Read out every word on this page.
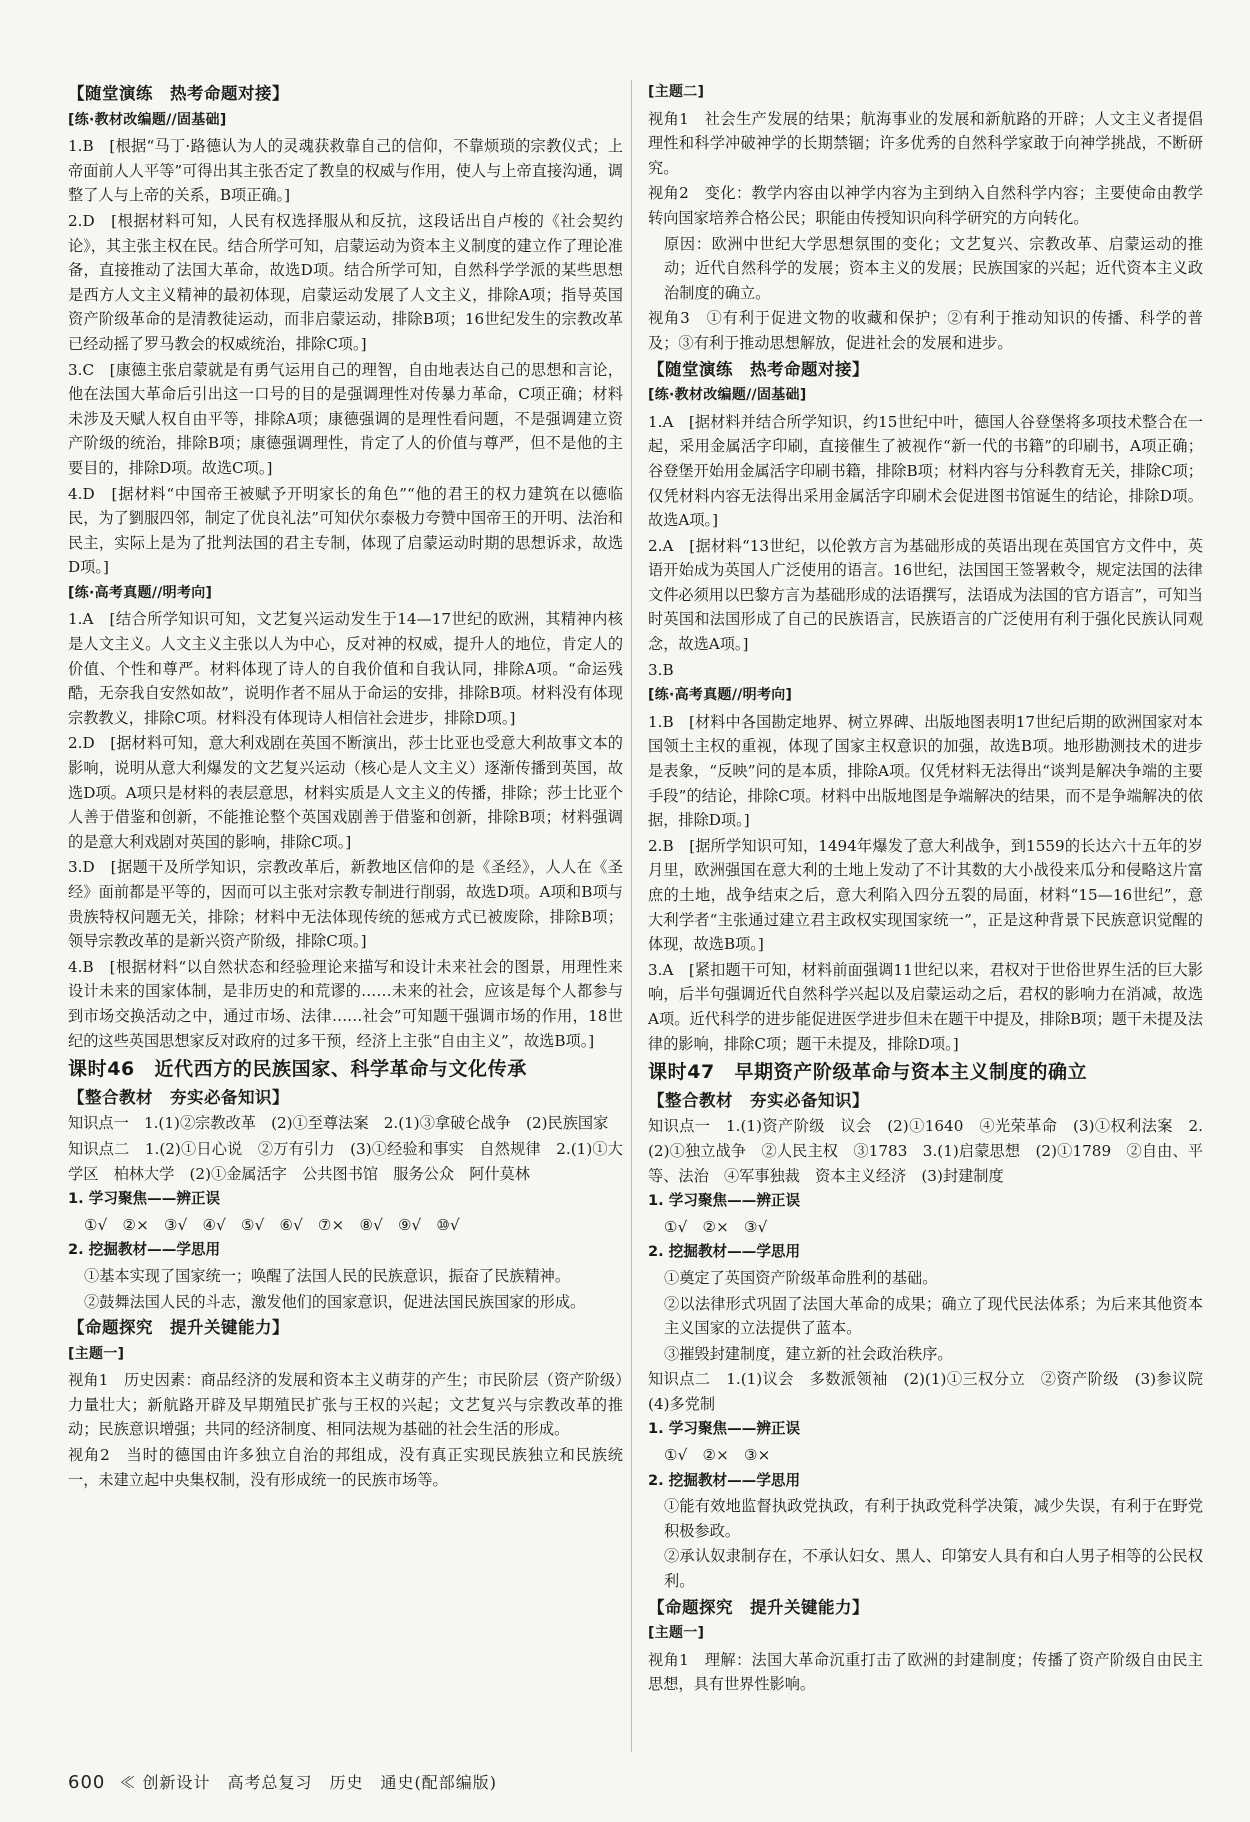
【随堂演练　热考命题对接】
[练·教材改编题//固基础]
1.B　[根据“马丁·路德认为人的灵魂获救靠自己的信仰，不靠烦琐的宗教仪式；上帝面前人人平等”可得出其主张否定了教皇的权威与作用，使人与上帝直接沟通，调整了人与上帝的关系，B项正确。]
2.D　[根据材料可知，人民有权选择服从和反抗，这段话出自卢梭的《社会契约论》，其主张主权在民。结合所学可知，启蒙运动为资本主义制度的建立作了理论准备，直接推动了法国大革命，故选D项。结合所学可知，自然科学学派的某些思想是西方人文主义精神的最初体现，启蒙运动发展了人文主义，排除A项；指导英国资产阶级革命的是清教徒运动，而非启蒙运动，排除B项；16世纪发生的宗教改革已经动摇了罗马教会的权威统治，排除C项。]
3.C　[康德主张启蒙就是有勇气运用自己的理智，自由地表达自己的思想和言论，他在法国大革命后引出这一口号的目的是强调理性对传暴力革命，C项正确；材料未涉及天赋人权自由平等，排除A项；康德强调的是理性看问题，不是强调建立资产阶级的统治，排除B项；康德强调理性，肯定了人的价值与尊严，但不是他的主要目的，排除D项。故选C项。]
4.D　[据材料“中国帝王被赋予开明家长的角色”“他的君王的权力建筑在以德临民，为了劉服四邻，制定了优良礼法”可知伏尔泰极力夸赞中国帝王的开明、法治和民主，实际上是为了批判法国的君主专制，体现了启蒙运动时期的思想诉求，故选D项。]
[练·高考真题//明考向]
1.A　[结合所学知识可知，文艺复兴运动发生于14—17世纪的欧洲，其精神内核是人文主义。人文主义主张以人为中心，反对神的权威，提升人的地位，肯定人的价值、个性和尊严。材料体现了诗人的自我价值和自我认同，排除A项。“命运残酷，无奈我自安然如故”，说明作者不屈从于命运的安排，排除B项。材料没有体现宗教教义，排除C项。材料没有体现诗人相信社会进步，排除D项。]
2.D　[据材料可知，意大利戏剧在英国不断演出，莎士比亚也受意大利故事文本的影响，说明从意大利爆发的文艺复兴运动（核心是人文主义）逐渐传播到英国，故选D项。A项只是材料的表层意思，材料实质是人文主义的传播，排除；莎士比亚个人善于借鉴和创新，不能推论整个英国戏剧善于借鉴和创新，排除B项；材料强调的是意大利戏剧对英国的影响，排除C项。]
3.D　[据题干及所学知识，宗教改革后，新教地区信仰的是《圣经》，人人在《圣经》面前都是平等的，因而可以主张对宗教专制进行削弱，故选D项。A项和B项与贵族特权问题无关，排除；材料中无法体现传统的惩戒方式已被废除，排除B项；领导宗教改革的是新兴资产阶级，排除C项。]
4.B　[根据材料“以自然状态和经验理论来描写和设计未来社会的图景，用理性来设计未来的国家体制，是非历史的和荒谬的……未来的社会，应该是每个人都参与到市场交换活动之中，通过市场、法律……社会”可知题干强调市场的作用，18世纪的这些英国思想家反对政府的过多干预，经济上主张“自由主义”，故选B项。]
课时46　近代西方的民族国家、科学革命与文化传承
【整合教材　夯实必备知识】
知识点一　1.(1)②宗教改革　(2)①至尊法案　2.(1)③拿破仑战争　(2)民族国家
知识点二　1.(2)①日心说　②万有引力　(3)①经验和事实　自然规律　2.(1)①大学区　柏林大学　(2)①金属活字　公共图书馆　服务公众　阿什莫林
1. 学习聚焦——辨正误
①√　②×　③√　④√　⑤√　⑥√　⑦×　⑧√　⑨√　⑩√
2. 挖掘教材——学思用
①基本实现了国家统一；唤醒了法国人民的民族意识，振奋了民族精神。
②鼓舞法国人民的斗志，激发他们的国家意识，促进法国民族国家的形成。
【命题探究　提升关键能力】
[主题一]
视角1　历史因素：商品经济的发展和资本主义萌芽的产生；市民阶层（资产阶级）力量壮大；新航路开辟及早期殖民扩张与王权的兴起；文艺复兴与宗教改革的推动；民族意识增强；共同的经济制度、相同法规为基础的社会生活的形成。
视角2　当时的德国由许多独立自治的邦组成，没有真正实现民族独立和民族统一，未建立起中央集权制，没有形成统一的民族市场等。
[主题二]
视角1　社会生产发展的结果；航海事业的发展和新航路的开辟；人文主义者提倡理性和科学冲破神学的长期禁锢；许多优秀的自然科学家敢于向神学挑战，不断研究。
视角2　变化：教学内容由以神学内容为主到纳入自然科学内容；主要使命由教学转向国家培养合格公民；职能由传授知识向科学研究的方向转化。
原因：欧洲中世纪大学思想氛围的变化；文艺复兴、宗教改革、启蒙运动的推动；近代自然科学的发展；资本主义的发展；民族国家的兴起；近代资本主义政治制度的确立。
视角3　①有利于促进文物的收藏和保护；②有利于推动知识的传播、科学的普及；③有利于推动思想解放，促进社会的发展和进步。
【随堂演练　热考命题对接】
[练·教材改编题//固基础]
1.A　[据材料并结合所学知识，约15世纪中叶，德国人谷登堡将多项技术整合在一起，采用金属活字印刷，直接催生了被视作“新一代的书籍”的印刷书，A项正确；谷登堡开始用金属活字印刷书籍，排除B项；材料内容与分科教育无关，排除C项；仅凭材料内容无法得出采用金属活字印刷术会促进图书馆诞生的结论，排除D项。故选A项。]
2.A　[据材料“13世纪，以伦敦方言为基础形成的英语出现在英国官方文件中，英语开始成为英国人广泛使用的语言。16世纪，法国国王签署敕令，规定法国的法律文件必须用以巴黎方言为基础形成的法语撰写，法语成为法国的官方语言”，可知当时英国和法国形成了自己的民族语言，民族语言的广泛使用有利于强化民族认同观念，故选A项。]
3.B
[练·高考真题//明考向]
1.B　[材料中各国勘定地界、树立界碑、出版地图表明17世纪后期的欧洲国家对本国领土主权的重视，体现了国家主权意识的加强，故选B项。地形勘测技术的进步是表象，“反映”问的是本质，排除A项。仅凭材料无法得出“谈判是解决争端的主要手段”的结论，排除C项。材料中出版地图是争端解决的结果，而不是争端解决的依据，排除D项。]
2.B　[据所学知识可知，1494年爆发了意大利战争，到1559的长达六十五年的岁月里，欧洲强国在意大利的土地上发动了不计其数的大小战役来瓜分和侵略这片富庶的土地，战争结束之后，意大利陷入四分五裂的局面，材料“15—16世纪”，意大利学者“主张通过建立君主政权实现国家统一”，正是这种背景下民族意识觉醒的体现，故选B项。]
3.A　[紧扣题干可知，材料前面强调11世纪以来，君权对于世俗世界生活的巨大影响，后半句强调近代自然科学兴起以及启蒙运动之后，君权的影响力在消减，故选A项。近代科学的进步能促进医学进步但未在题干中提及，排除B项；题干未提及法律的影响，排除C项；题干未提及，排除D项。]
课时47　早期资产阶级革命与资本主义制度的确立
【整合教材　夯实必备知识】
知识点一　1.(1)资产阶级　议会　(2)①1640　④光荣革命　(3)①权利法案　2.(2)①独立战争　②人民主权　③1783　3.(1)启蒙思想　(2)①1789　②自由、平等、法治　④军事独裁　资本主义经济　(3)封建制度
1. 学习聚焦——辨正误
①√　②×　③√
2. 挖掘教材——学思用
①奠定了英国资产阶级革命胜利的基础。
②以法律形式巩固了法国大革命的成果；确立了现代民法体系；为后来其他资本主义国家的立法提供了蓝本。
③摧毁封建制度，建立新的社会政治秩序。
知识点二　1.(1)议会　多数派领袖　(2)(1)①三权分立　②资产阶级　(3)参议院　(4)多党制
1. 学习聚焦——辨正误
①√　②×　③×
2. 挖掘教材——学思用
①能有效地监督执政党执政，有利于执政党科学决策，减少失误，有利于在野党积极参政。
②承认奴隶制存在，不承认妇女、黑人、印第安人具有和白人男子相等的公民权利。
【命题探究　提升关键能力】
[主题一]
视角1　理解：法国大革命沉重打击了欧洲的封建制度；传播了资产阶级自由民主思想，具有世界性影响。
600 ≪ 创新设计　高考总复习　历史　通史(配部编版)
